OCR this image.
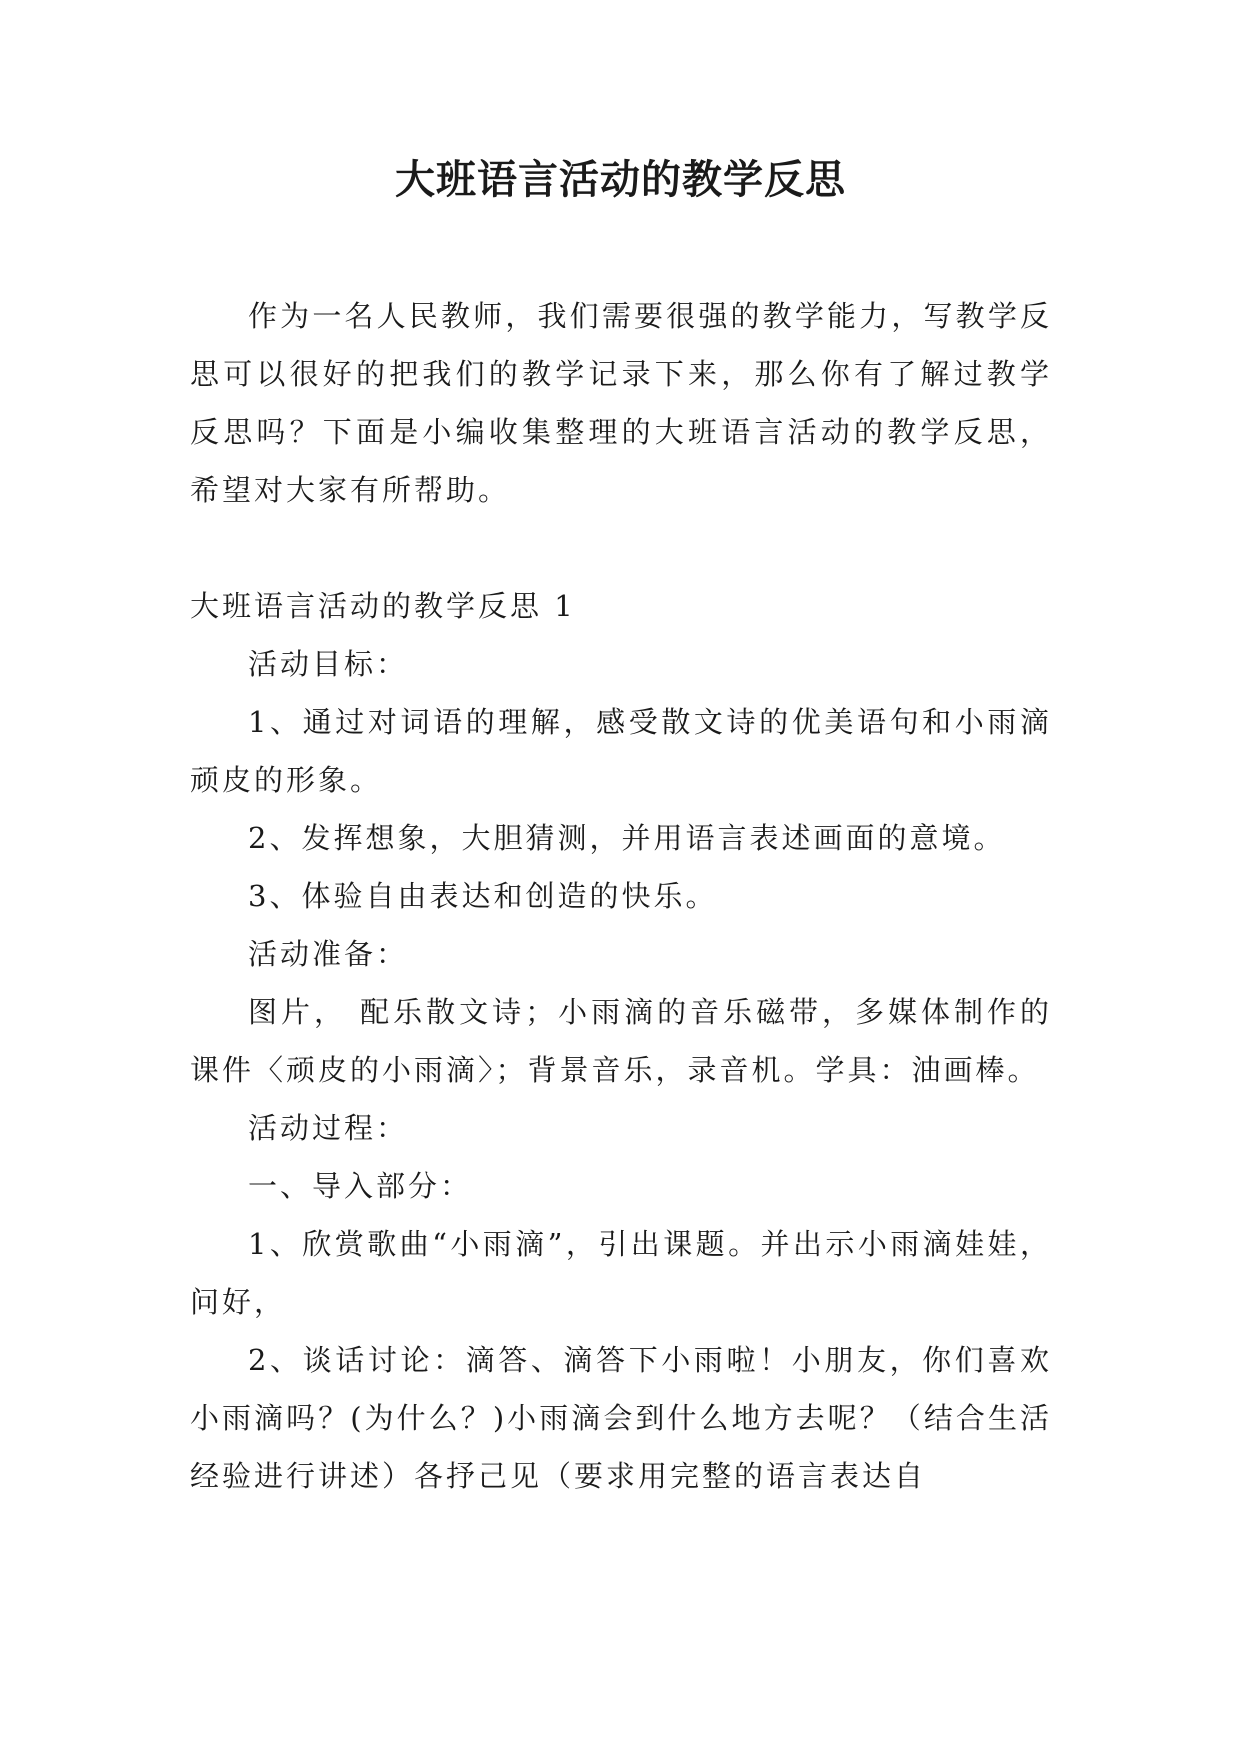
大班语言活动的教学反思

作为一名人民教师，我们需要很强的教学能力，写教学反思可以很好的把我们的教学记录下来，那么你有了解过教学反思吗？下面是小编收集整理的大班语言活动的教学反思，希望对大家有所帮助。

大班语言活动的教学反思 1

活动目标：

1、通过对词语的理解，感受散文诗的优美语句和小雨滴顽皮的形象。

2、发挥想象，大胆猜测，并用语言表述画面的意境。

3、体验自由表达和创造的快乐。

活动准备：

图片， 配乐散文诗；小雨滴的音乐磁带，多媒体制作的课件〈顽皮的小雨滴〉；背景音乐，录音机。学具：油画棒。

活动过程：

一、导入部分：

1、欣赏歌曲“小雨滴”，引出课题。并出示小雨滴娃娃，问好，

2、谈话讨论：滴答、滴答下小雨啦！小朋友，你们喜欢小雨滴吗？(为什么？)小雨滴会到什么地方去呢？（结合生活经验进行讲述）各抒己见（要求用完整的语言表达自
